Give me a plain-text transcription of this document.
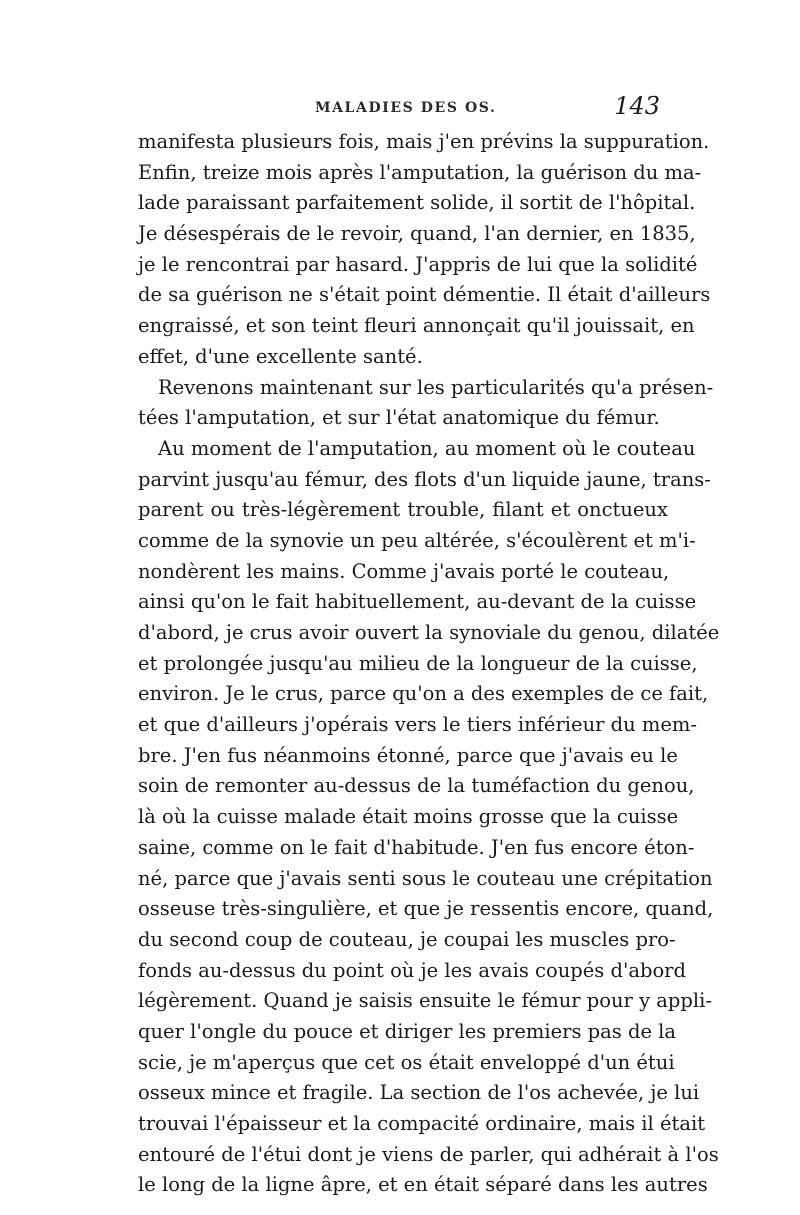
MALADIES DES OS.	143
manifesta plusieurs fois, mais j'en prévins la suppuration.
Enfin, treize mois après l'amputation, la guérison du ma-
lade paraissant parfaitement solide, il sortit de l'hôpital.
Je désespérais de le revoir, quand, l'an dernier, en 1835,
je le rencontrai par hasard. J'appris de lui que la solidité
de sa guérison ne s'était point démentie. Il était d'ailleurs
engraissé, et son teint fleuri annonçait qu'il jouissait, en
effet, d'une excellente santé.
Revenons maintenant sur les particularités qu'a présen-
tées l'amputation, et sur l'état anatomique du fémur.
Au moment de l'amputation, au moment où le couteau
parvint jusqu'au fémur, des flots d'un liquide jaune, trans-
parent ou très-légèrement trouble, filant et onctueux
comme de la synovie un peu altérée, s'écoulèrent et m'i-
nondèrent les mains. Comme j'avais porté le couteau,
ainsi qu'on le fait habituellement, au-devant de la cuisse
d'abord, je crus avoir ouvert la synoviale du genou, dilatée
et prolongée jusqu'au milieu de la longueur de la cuisse,
environ. Je le crus, parce qu'on a des exemples de ce fait,
et que d'ailleurs j'opérais vers le tiers inférieur du mem-
bre. J'en fus néanmoins étonné, parce que j'avais eu le
soin de remonter au-dessus de la tuméfaction du genou,
là où la cuisse malade était moins grosse que la cuisse
saine, comme on le fait d'habitude. J'en fus encore éton-
né, parce que j'avais senti sous le couteau une crépitation
osseuse très-singulière, et que je ressentis encore, quand,
du second coup de couteau, je coupai les muscles pro-
fonds au-dessus du point où je les avais coupés d'abord
légèrement. Quand je saisis ensuite le fémur pour y appli-
quer l'ongle du pouce et diriger les premiers pas de la
scie, je m'aperçus que cet os était enveloppé d'un étui
osseux mince et fragile. La section de l'os achevée, je lui
trouvai l'épaisseur et la compacité ordinaire, mais il était
entouré de l'étui dont je viens de parler, qui adhérait à l'os
le long de la ligne âpre, et en était séparé dans les autres
